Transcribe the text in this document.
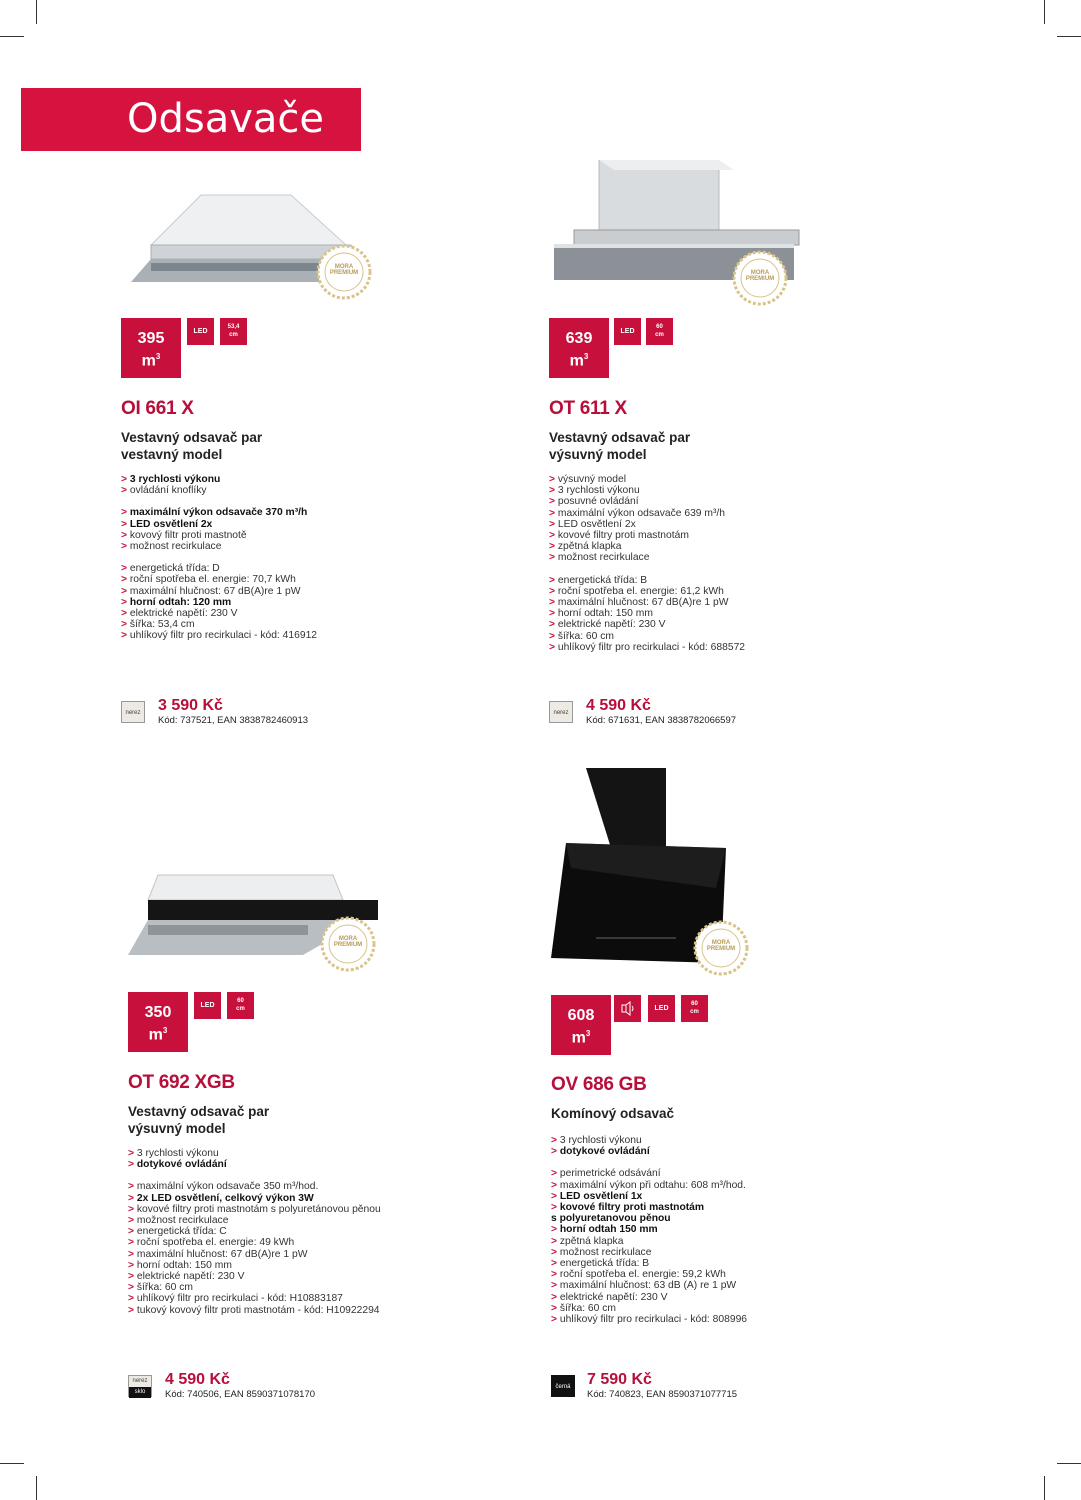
Odsavače
MORA PREMIUM
395
$m^3$
LED
53,4
cm
OI 661 X
Vestavný odsavač par
vestavný model
> 3 rychlosti výkonu
> ovládání knoflíky
> maximální výkon odsavače 370 m³/h
> LED osvětlení 2x
> kovový filtr proti mastnotě
> možnost recirkulace
> energetická třída: D
> roční spotřeba el. energie: 70,7 kWh
> maximální hlučnost: 67 dB(A)re 1 pW
> horní odtah: 120 mm
> elektrické napětí: 230 V
> šířka: 53,4 cm
> uhlíkový filtr pro recirkulaci - kód: 416912
nerez 3 590 Kč
Kód: 737521, EAN 3838782460913
MORA PREMIUM
639
$m^3$
LED
60
cm
OT 611 X
Vestavný odsavač par
výsuvný model
> výsuvný model
> 3 rychlosti výkonu
> posuvné ovládání
> maximální výkon odsavače 639 m³/h
> LED osvětlení 2x
> kovové filtry proti mastnotám
> zpětná klapka
> možnost recirkulace
> energetická třída: B
> roční spotřeba el. energie: 61,2 kWh
> maximální hlučnost: 67 dB(A)re 1 pW
> horní odtah: 150 mm
> elektrické napětí: 230 V
> šířka: 60 cm
> uhlíkový filtr pro recirkulaci - kód: 688572
nerez 4 590 Kč
Kód: 671631, EAN 3838782066597
MORA PREMIUM
350
$m^3$
LED
60
cm
OT 692 XGB
Vestavný odsavač par
výsuvný model
> 3 rychlosti výkonu
> dotykové ovládání
> maximální výkon odsavače 350 m³/hod.
> 2x LED osvětlení, celkový výkon 3W
> kovové filtry proti mastnotám s polyuretánovou pěnou
> možnost recirkulace
> energetická třída: C
> roční spotřeba el. energie: 49 kWh
> maximální hlučnost: 67 dB(A)re 1 pW
> horní odtah: 150 mm
> elektrické napětí: 230 V
> šířka: 60 cm
> uhlíkový filtr pro recirkulaci - kód: H10883187
> tukový kovový filtr proti mastnotám - kód: H10922294
nerez
sklo
4 590 Kč
Kód: 740506, EAN 8590371078170
MORA PREMIUM
608
$m^3$
LED
60
cm
OV 686 GB
Komínový odsavač
> 3 rychlosti výkonu
> dotykové ovládání
> perimetrické odsávání
> maximální výkon při odtahu: 608 m³/hod.
> LED osvětlení 1x
> kovové filtry proti mastnotám
s polyuretanovou pěnou
> horní odtah 150 mm
> zpětná klapka
> možnost recirkulace
> energetická třída: B
> roční spotřeba el. energie: 59,2 kWh
> maximální hlučnost: 63 dB (A) re 1 pW
> elektrické napětí: 230 V
> šířka: 60 cm
> uhlíkový filtr pro recirkulaci - kód: 808996
černá 7 590 Kč
Kód: 740823, EAN 8590371077715
